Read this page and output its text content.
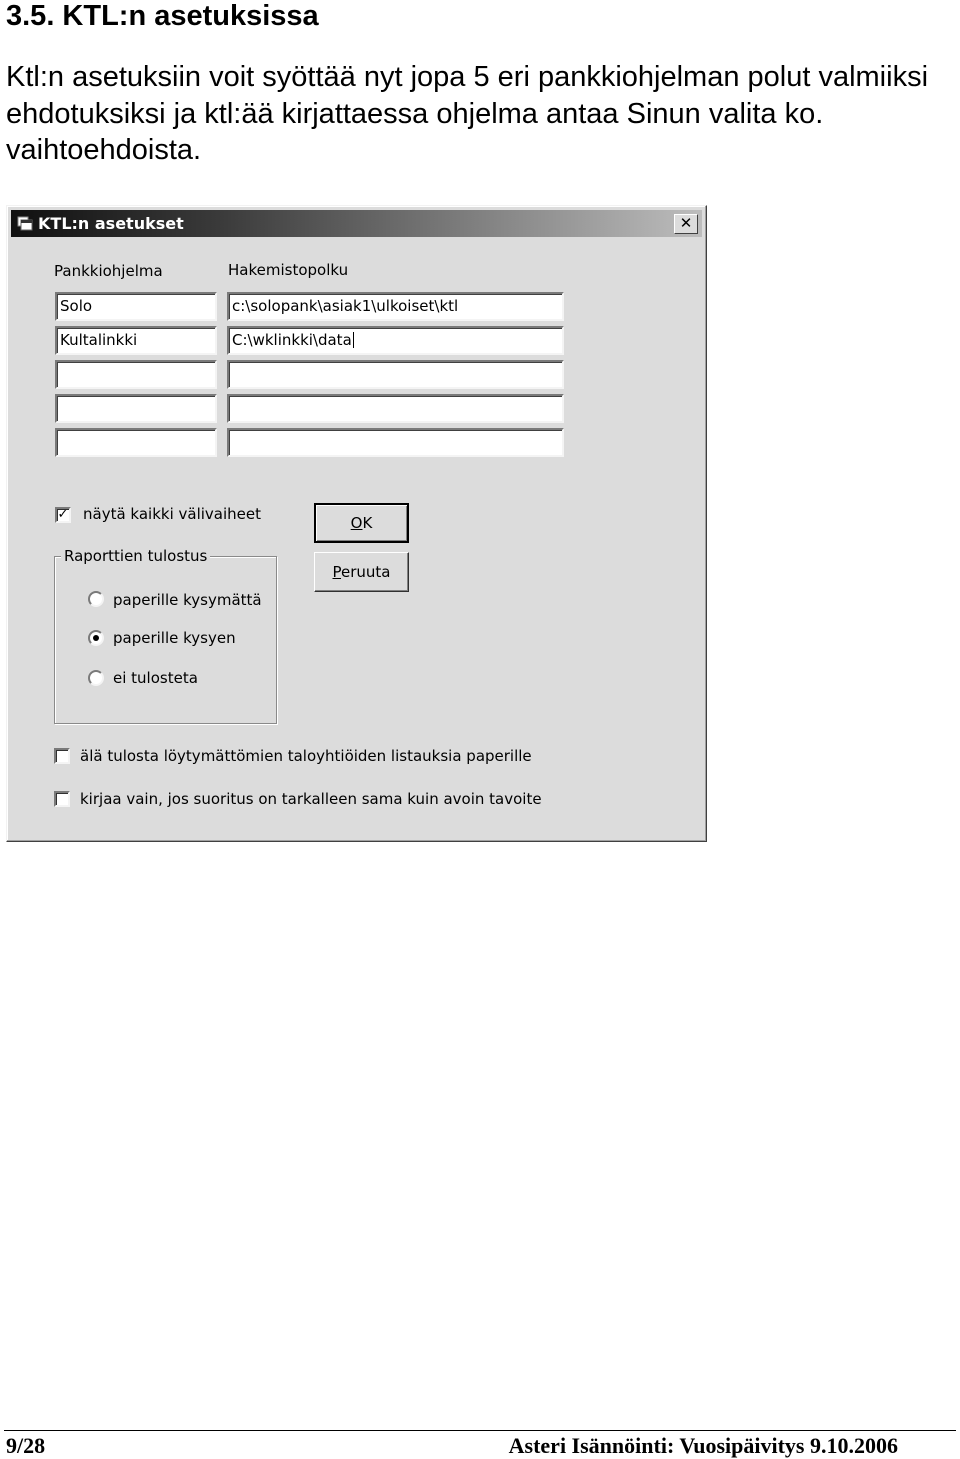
3.5. KTL:n asetuksissa

Ktl:n asetuksiin voit syöttää nyt jopa 5 eri pankkiohjelman polut valmiiksi ehdotuksiksi ja ktl:ää kirjattaessa ohjelma antaa Sinun valita ko. vaihtoehdoista.

KTL:n asetukset	✕
Pankkiohjelma	Hakemistopolku
Solo	c:\solopank\asiak1\ulkoiset\ktl
Kultalinkki	C:\wklinkki\data
✓ näytä kaikki välivaiheet
Raporttien tulostus
paperille kysymättä
paperille kysyen
ei tulosteta
OK
Peruuta
älä tulosta löytymättömien taloyhtiöiden listauksia paperille
kirjaa vain, jos suoritus on tarkalleen sama kuin avoin tavoite
9/28	Asteri Isännöinti: Vuosipäivitys 9.10.2006
